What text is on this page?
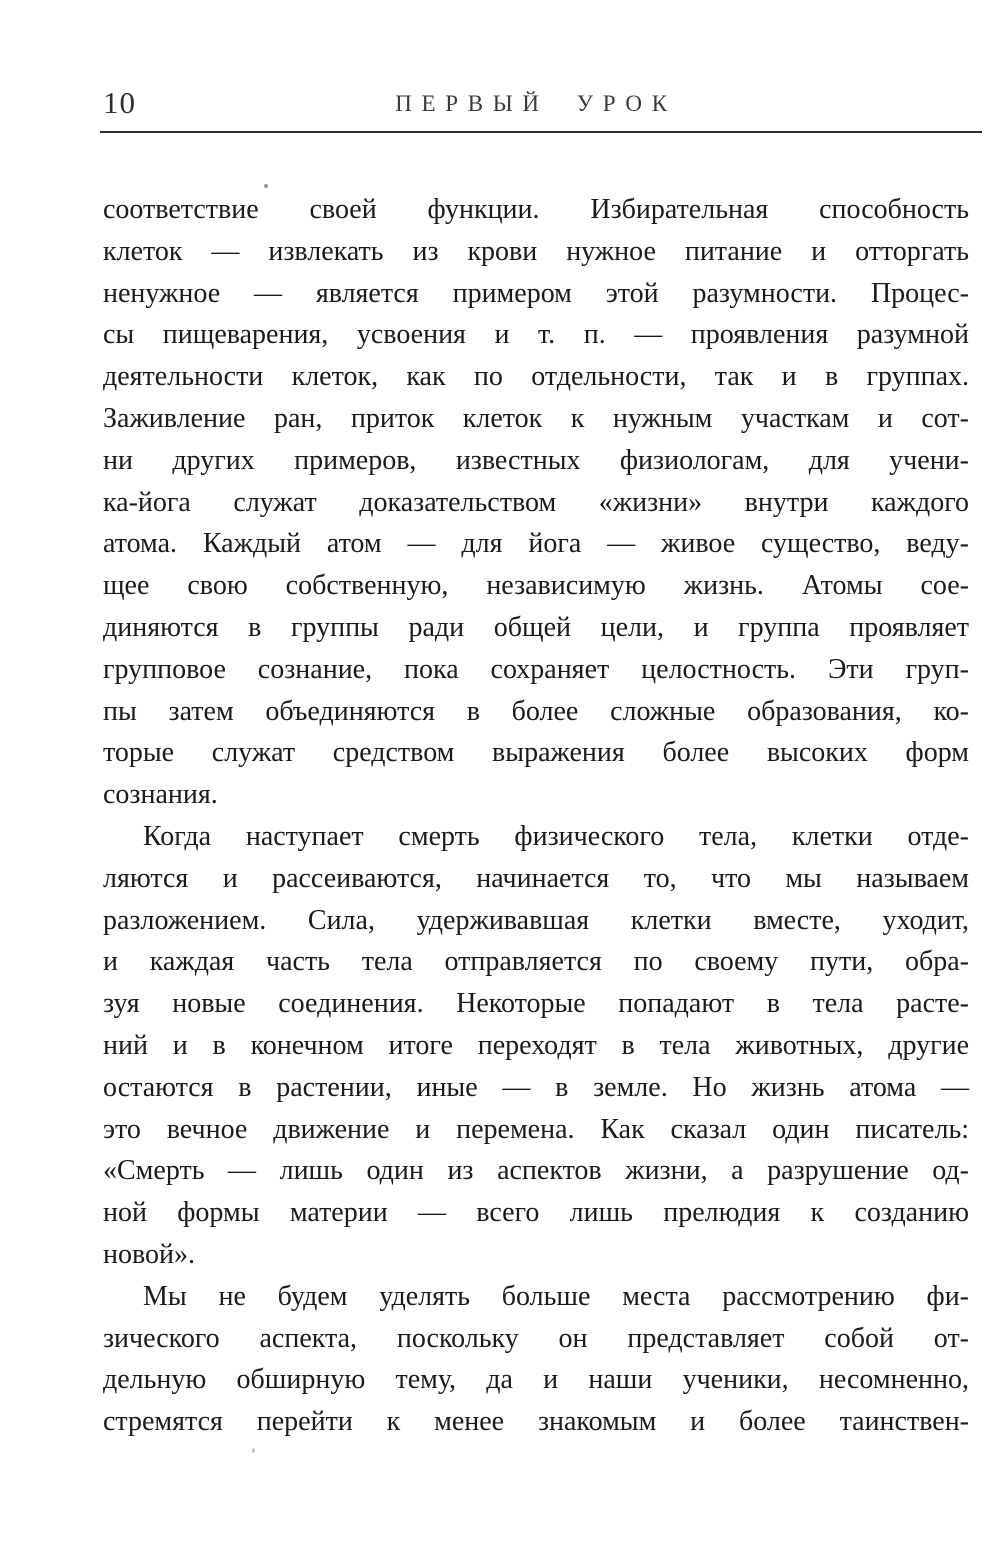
10	ПЕРВЫЙ УРОК
соответствие своей функции. Избирательная способность
клеток — извлекать из крови нужное питание и отторгать
ненужное — является примером этой разумности. Процес-
сы пищеварения, усвоения и т. п. — проявления разумной
деятельности клеток, как по отдельности, так и в группах.
Заживление ран, приток клеток к нужным участкам и сот-
ни других примеров, известных физиологам, для учени-
ка-йога служат доказательством «жизни» внутри каждого
атома. Каждый атом — для йога — живое существо, веду-
щее свою собственную, независимую жизнь. Атомы сое-
диняются в группы ради общей цели, и группа проявляет
групповое сознание, пока сохраняет целостность. Эти груп-
пы затем объединяются в более сложные образования, ко-
торые служат средством выражения более высоких форм
сознания.
Когда наступает смерть физического тела, клетки отде-
ляются и рассеиваются, начинается то, что мы называем
разложением. Сила, удерживавшая клетки вместе, уходит,
и каждая часть тела отправляется по своему пути, обра-
зуя новые соединения. Некоторые попадают в тела расте-
ний и в конечном итоге переходят в тела животных, другие
остаются в растении, иные — в земле. Но жизнь атома —
это вечное движение и перемена. Как сказал один писатель:
«Смерть — лишь один из аспектов жизни, а разрушение од-
ной формы материи — всего лишь прелюдия к созданию
новой».
Мы не будем уделять больше места рассмотрению фи-
зического аспекта, поскольку он представляет собой от-
дельную обширную тему, да и наши ученики, несомненно,
стремятся перейти к менее знакомым и более таинствен-
